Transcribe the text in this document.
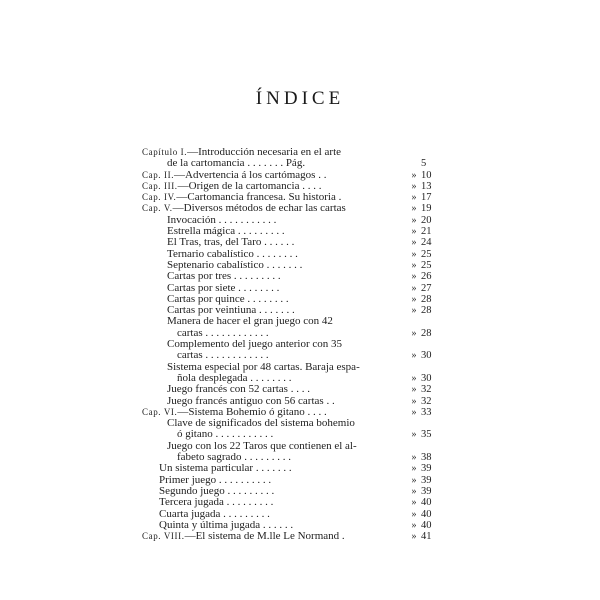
ÍNDICE
Capítulo I.—Introducción necesaria en el arte
de la cartomancia . . . . . . . Pág.	5
Cap. II.—Advertencia á los cartómagos . .	» 10
Cap. III.—Origen de la cartomancia . . . .	» 13
Cap. IV.—Cartomancia francesa. Su historia .	» 17
Cap. V.—Diversos métodos de echar las cartas	» 19
Invocación . . . . . . . . . . .	» 20
Estrella mágica . . . . . . . . .	» 21
El Tras, tras, del Taro . . . . . .	» 24
Ternario cabalístico . . . . . . . .	» 25
Septenario cabalístico . . . . . . .	» 25
Cartas por tres . . . . . . . . .	» 26
Cartas por siete . . . . . . . .	» 27
Cartas por quince . . . . . . . .	» 28
Cartas por veintiuna . . . . . . .	» 28
Manera de hacer el gran juego con 42
cartas . . . . . . . . . . . .	» 28
Complemento del juego anterior con 35
cartas . . . . . . . . . . . .	» 30
Sistema especial por 48 cartas. Baraja espa-
ñola desplegada . . . . . . . .	» 30
Juego francés con 52 cartas . . . .	» 32
Juego francés antiguo con 56 cartas . .	» 32
Cap. VI.—Sistema Bohemio ó gitano . . . .	» 33
Clave de significados del sistema bohemio
ó gitano . . . . . . . . . . .	» 35
Juego con los 22 Taros que contienen el al-
fabeto sagrado . . . . . . . . .	» 38
Un sistema particular . . . . . . .	» 39
Primer juego . . . . . . . . . .	» 39
Segundo juego . . . . . . . . .	» 39
Tercera jugada . . . . . . . . .	» 40
Cuarta jugada . . . . . . . . .	» 40
Quinta y última jugada . . . . . .	» 40
Cap. VIII.—El sistema de M.lle Le Normand .	» 41
